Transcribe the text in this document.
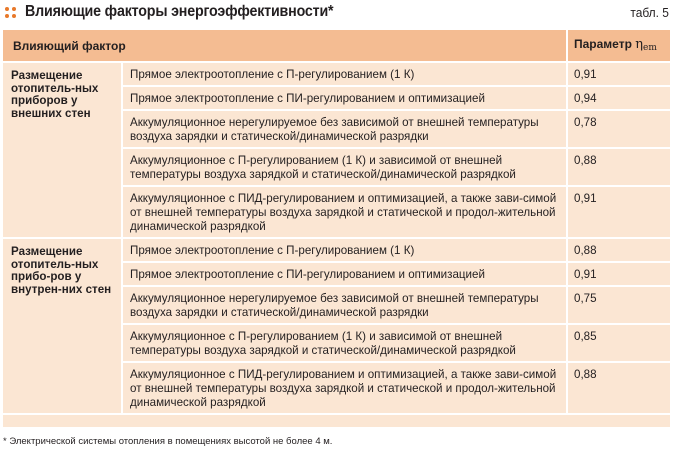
Влияющие факторы энергоэффективности*	табл. 5
Влияющий фактор		Параметр $\eta_{em}$
Размещение отопитель-ных приборов у внешних стен	Прямое электроотопление с П-регулированием (1 К)	0,91
	Прямое электроотопление с ПИ-регулированием и оптимизацией	0,94
	Аккумуляционное нерегулируемое без зависимой от внешней температуры воздуха зарядки и статической/динамической разрядки	0,78
	Аккумуляционное с П-регулированием (1 К) и зависимой от внешней температуры воздуха зарядкой и статической/динамической разрядкой	0,88
	Аккумуляционное с ПИД-регулированием и оптимизацией, а также зави-симой от внешней температуры воздуха зарядкой и статической и продол-жительной динамической разрядкой	0,91
Размещение отопитель-ных прибо-ров у внутрен-них стен	Прямое электроотопление с П-регулированием (1 К)	0,88
	Прямое электроотопление с ПИ-регулированием и оптимизацией	0,91
	Аккумуляционное нерегулируемое без зависимой от внешней температуры воздуха зарядки и статической/динамической разрядки	0,75
	Аккумуляционное с П-регулированием (1 К) и зависимой от внешней температуры воздуха зарядкой и статической/динамической разрядкой	0,85
	Аккумуляционное с ПИД-регулированием и оптимизацией, а также зави-симой от внешней температуры воздуха зарядкой и статической и продол-жительной динамической разрядкой	0,88
* Электрической системы отопления в помещениях высотой не более 4 м.
